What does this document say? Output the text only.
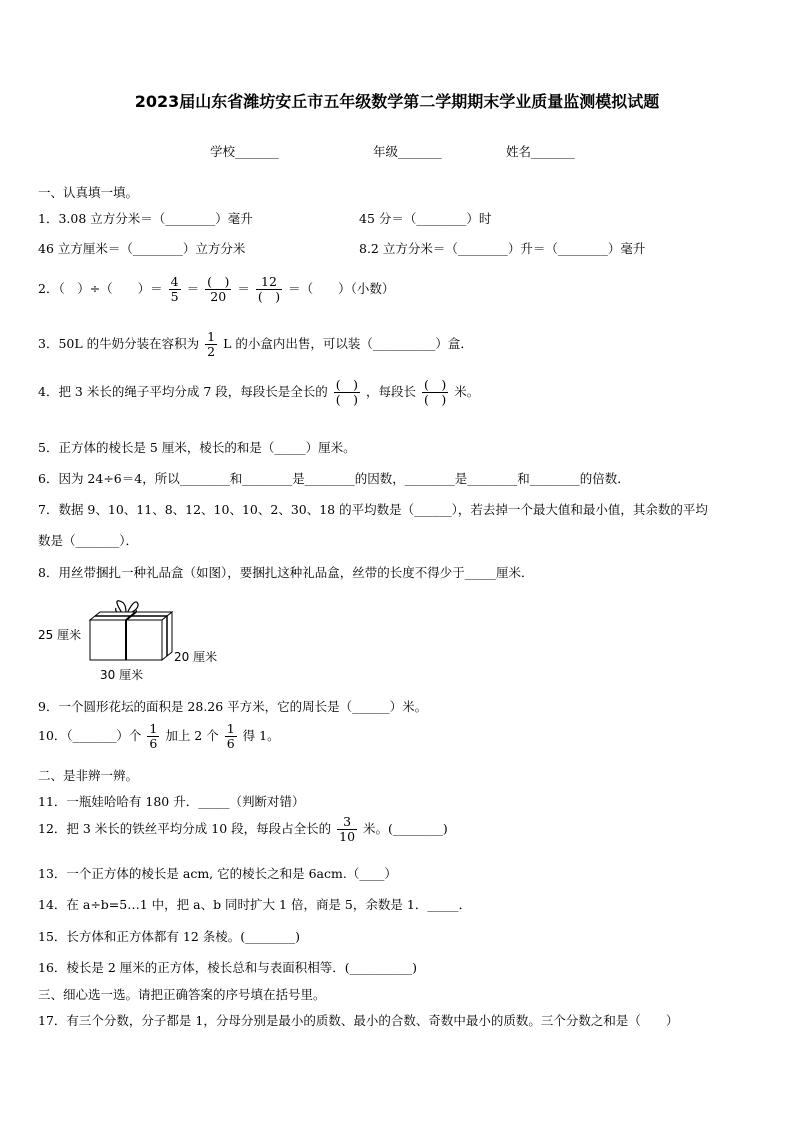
2023届山东省潍坊安丘市五年级数学第二学期期末学业质量监测模拟试题
学校_______	年级_______	姓名_______
一、认真填一填。
1．3.08 立方分米＝（________）毫升	45 分＝（________）时
46 立方厘米＝（________）立方分米	8.2 立方分米＝（________）升＝（________）毫升
2．（　）÷（　　）＝ $\frac{4}{5} = \frac{( )}{20} = \frac{12}{( )}$ ＝（　　）（小数）
3．50L 的牛奶分装在容积为 $\frac{1}{2}$ L 的小盒内出售，可以装（__________）盒．
4．把 3 米长的绳子平均分成 7 段，每段长是全长的 $\frac{( )}{( )}$ ，每段长 $\frac{( )}{( )}$ 米。
5．正方体的棱长是 5 厘米，棱长的和是（_____）厘米。
6．因为 24÷6＝4，所以________和________是________的因数，________是________和________的倍数．
7．数据 9、10、11、8、12、10、10、2、30、18 的平均数是（______），若去掉一个最大值和最小值，其余数的平均
数是（_______）．
8．用丝带捆扎一种礼品盒（如图），要捆扎这种礼品盒，丝带的长度不得少于_____厘米．
25 厘米
20 厘米
30 厘米
9．一个圆形花坛的面积是 28.26 平方米，它的周长是（______）米。
10．（_______）个 $\frac{1}{6}$ 加上 2 个 $\frac{1}{6}$ 得 1。
二、是非辨一辨。
11．一瓶娃哈哈有 180 升．_____（判断对错）
12．把 3 米长的铁丝平均分成 10 段，每段占全长的 $\frac{3}{10}$ 米。(________)
13．一个正方体的棱长是 acm, 它的棱长之和是 6acm.（____）
14．在 a÷b=5…1 中，把 a、b 同时扩大 1 倍，商是 5，余数是 1．_____．
15．长方体和正方体都有 12 条棱。(________)
16．棱长是 2 厘米的正方体，棱长总和与表面积相等．(__________)
三、细心选一选。请把正确答案的序号填在括号里。
17．有三个分数，分子都是 1，分母分别是最小的质数、最小的合数、奇数中最小的质数。三个分数之和是（　　）
